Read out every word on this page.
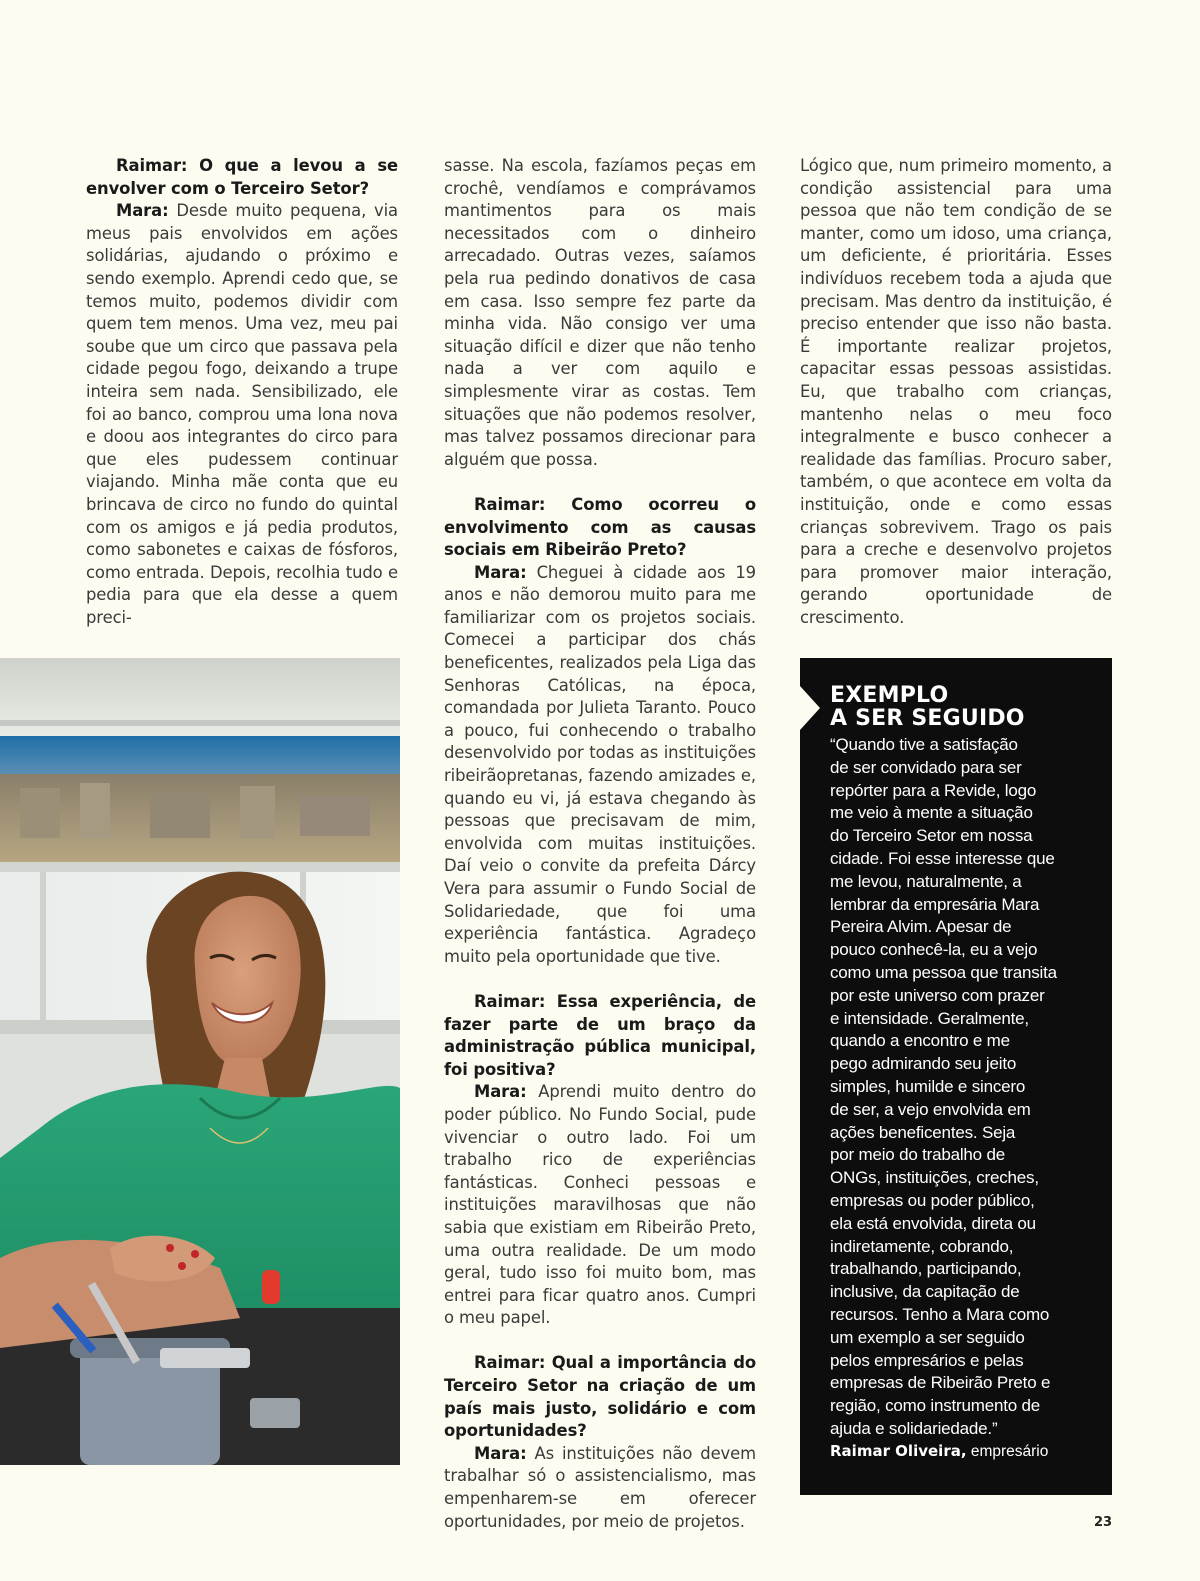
Raimar: O que a levou a se envolver com o Terceiro Setor?

Mara: Desde muito pequena, via meus pais envolvidos em ações solidárias, ajudando o próximo e sendo exemplo. Aprendi cedo que, se temos muito, podemos dividir com quem tem menos. Uma vez, meu pai soube que um circo que passava pela cidade pegou fogo, deixando a trupe inteira sem nada. Sensibilizado, ele foi ao banco, comprou uma lona nova e doou aos integrantes do circo para que eles pudessem continuar viajando. Minha mãe conta que eu brincava de circo no fundo do quintal com os amigos e já pedia produtos, como sabonetes e caixas de fósforos, como entrada. Depois, recolhia tudo e pedia para que ela desse a quem preci-

sasse. Na escola, fazíamos peças em crochê, vendíamos e comprávamos mantimentos para os mais necessitados com o dinheiro arrecadado. Outras vezes, saíamos pela rua pedindo donativos de casa em casa. Isso sempre fez parte da minha vida. Não consigo ver uma situação difícil e dizer que não tenho nada a ver com aquilo e simplesmente virar as costas. Tem situações que não podemos resolver, mas talvez possamos direcionar para alguém que possa.

Raimar: Como ocorreu o envolvimento com as causas sociais em Ribeirão Preto?

Mara: Cheguei à cidade aos 19 anos e não demorou muito para me familiarizar com os projetos sociais. Comecei a participar dos chás beneficentes, realizados pela Liga das Senhoras Católicas, na época, comandada por Julieta Taranto. Pouco a pouco, fui conhecendo o trabalho desenvolvido por todas as instituições ribeirãopretanas, fazendo amizades e, quando eu vi, já estava chegando às pessoas que precisavam de mim, envolvida com muitas instituições. Daí veio o convite da prefeita Dárcy Vera para assumir o Fundo Social de Solidariedade, que foi uma experiência fantástica. Agradeço muito pela oportunidade que tive.

Raimar: Essa experiência, de fazer parte de um braço da administração pública municipal, foi positiva?

Mara: Aprendi muito dentro do poder público. No Fundo Social, pude vivenciar o outro lado. Foi um trabalho rico de experiências fantásticas. Conheci pessoas e instituições maravilhosas que não sabia que existiam em Ribeirão Preto, uma outra realidade. De um modo geral, tudo isso foi muito bom, mas entrei para ficar quatro anos. Cumpri o meu papel.

Raimar: Qual a importância do Terceiro Setor na criação de um país mais justo, solidário e com oportunidades?

Mara: As instituições não devem trabalhar só o assistencialismo, mas empenharem-se em oferecer oportunidades, por meio de projetos.

Lógico que, num primeiro momento, a condição assistencial para uma pessoa que não tem condição de se manter, como um idoso, uma criança, um deficiente, é prioritária. Esses indivíduos recebem toda a ajuda que precisam. Mas dentro da instituição, é preciso entender que isso não basta. É importante realizar projetos, capacitar essas pessoas assistidas. Eu, que trabalho com crianças, mantenho nelas o meu foco integralmente e busco conhecer a realidade das famílias. Procuro saber, também, o que acontece em volta da instituição, onde e como essas crianças sobrevivem. Trago os pais para a creche e desenvolvo projetos para promover maior interação, gerando oportunidade de crescimento.

EXEMPLO
A SER SEGUIDO
“Quando tive a satisfação
de ser convidado para ser
repórter para a Revide, logo
me veio à mente a situação
do Terceiro Setor em nossa
cidade. Foi esse interesse que
me levou, naturalmente, a
lembrar da empresária Mara
Pereira Alvim. Apesar de
pouco conhecê-la, eu a vejo
como uma pessoa que transita
por este universo com prazer
e intensidade. Geralmente,
quando a encontro e me
pego admirando seu jeito
simples, humilde e sincero
de ser, a vejo envolvida em
ações beneficentes. Seja
por meio do trabalho de
ONGs, instituições, creches,
empresas ou poder público,
ela está envolvida, direta ou
indiretamente, cobrando,
trabalhando, participando,
inclusive, da capitação de
recursos. Tenho a Mara como
um exemplo a ser seguido
pelos empresários e pelas
empresas de Ribeirão Preto e
região, como instrumento de
ajuda e solidariedade.”
Raimar Oliveira, empresário
23
